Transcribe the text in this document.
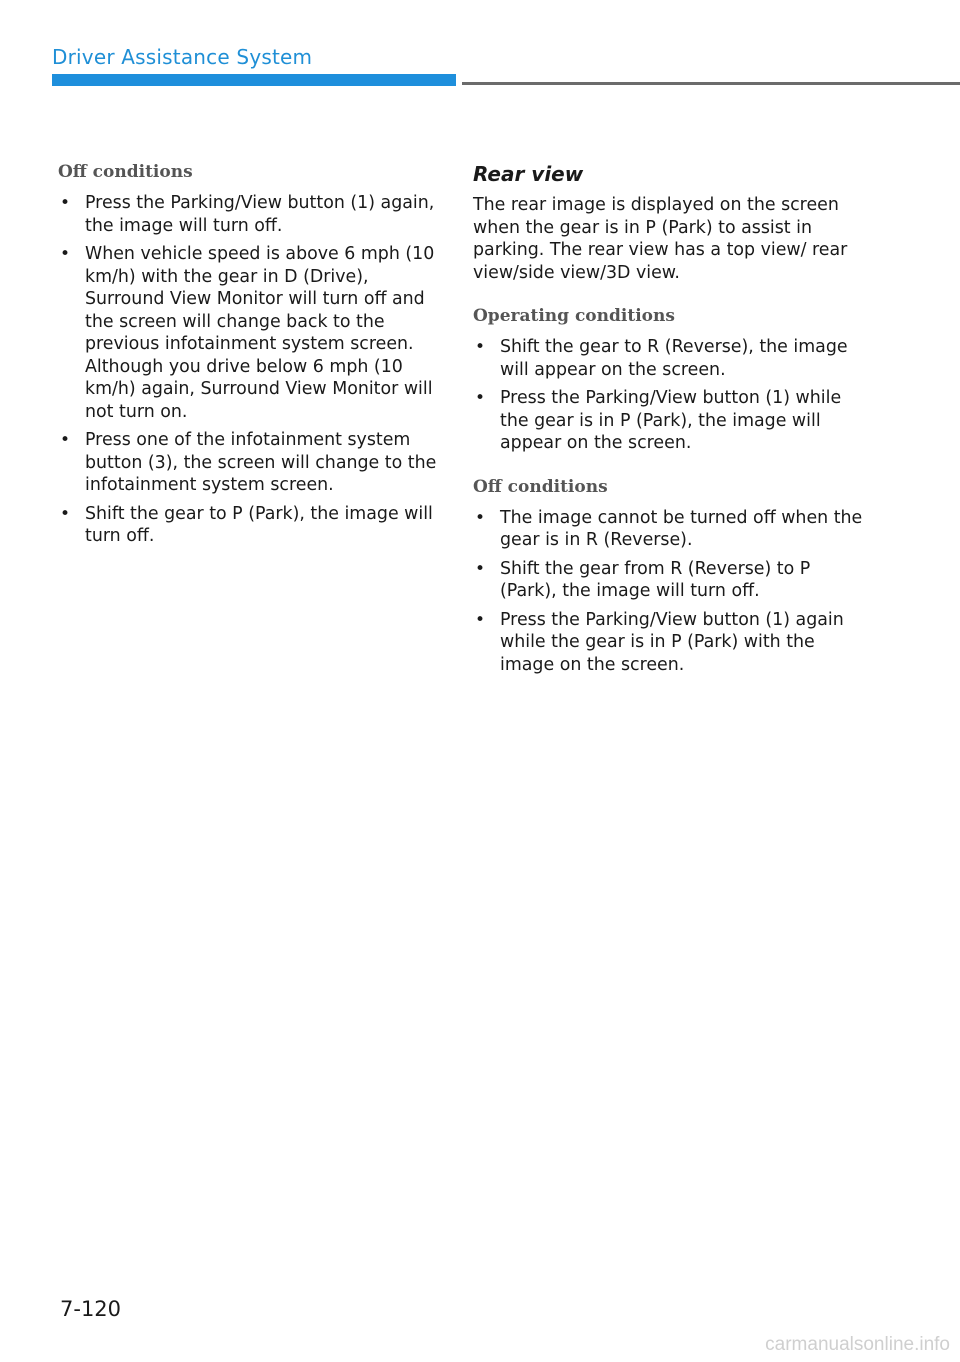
Driver Assistance System
Off conditions
• Press the Parking/View button (1) again, the image will turn off.
• When vehicle speed is above 6 mph (10 km/h) with the gear in D (Drive), Surround View Monitor will turn off and the screen will change back to the previous infotainment system screen. Although you drive below 6 mph (10 km/h) again, Surround View Monitor will not turn on.
• Press one of the infotainment system button (3), the screen will change to the infotainment system screen.
• Shift the gear to P (Park), the image will turn off.
Rear view

The rear image is displayed on the screen when the gear is in P (Park) to assist in parking. The rear view has a top view/ rear view/side view/3D view.

Operating conditions
• Shift the gear to R (Reverse), the image will appear on the screen.
• Press the Parking/View button (1) while the gear is in P (Park), the image will appear on the screen.
Off conditions
• The image cannot be turned off when the gear is in R (Reverse).
• Shift the gear from R (Reverse) to P (Park), the image will turn off.
• Press the Parking/View button (1) again while the gear is in P (Park) with the image on the screen.
7-120
carmanualsonline.info
